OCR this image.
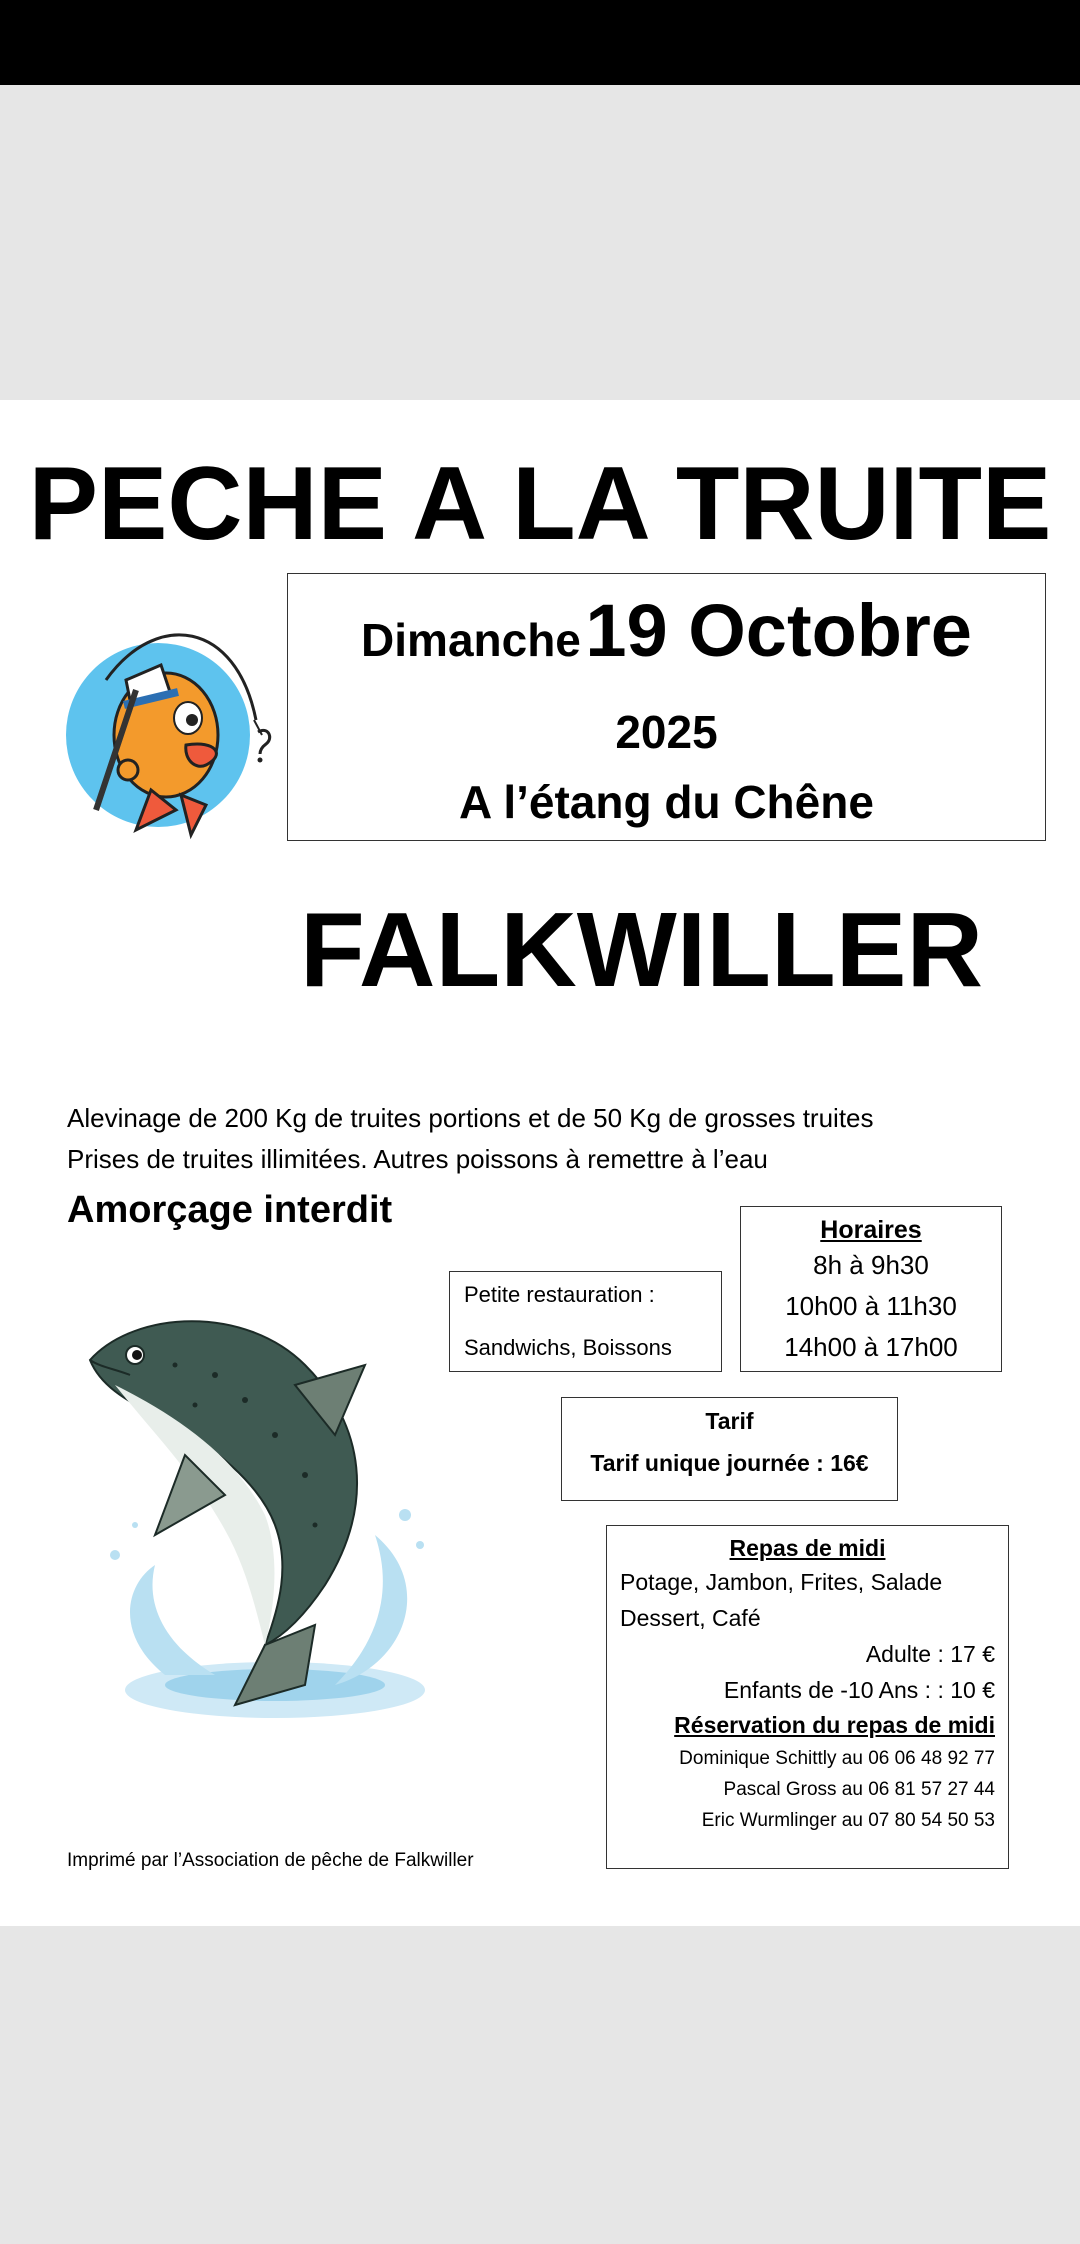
PECHE A LA TRUITE
Dimanche 19 Octobre
2025
A l’étang du Chêne
FALKWILLER
Alevinage de 200 Kg de truites portions et de 50 Kg de grosses truites
Prises de truites illimitées. Autres poissons à remettre à l’eau
Amorçage interdit	Horaires
8h à 9h30
10h00 à 11h30
14h00 à 17h00
Petite restauration :
Sandwichs, Boissons
Tarif
Tarif unique journée : 16€
Repas de midi
Potage, Jambon, Frites, Salade
Dessert, Café
Adulte : 17 €
Enfants de -10 Ans : : 10 €
Réservation du repas de midi
Dominique Schittly au 06 06 48 92 77
Pascal Gross au 06 81 57 27 44
Eric Wurmlinger au 07 80 54 50 53
Imprimé par l’Association de pêche de Falkwiller
